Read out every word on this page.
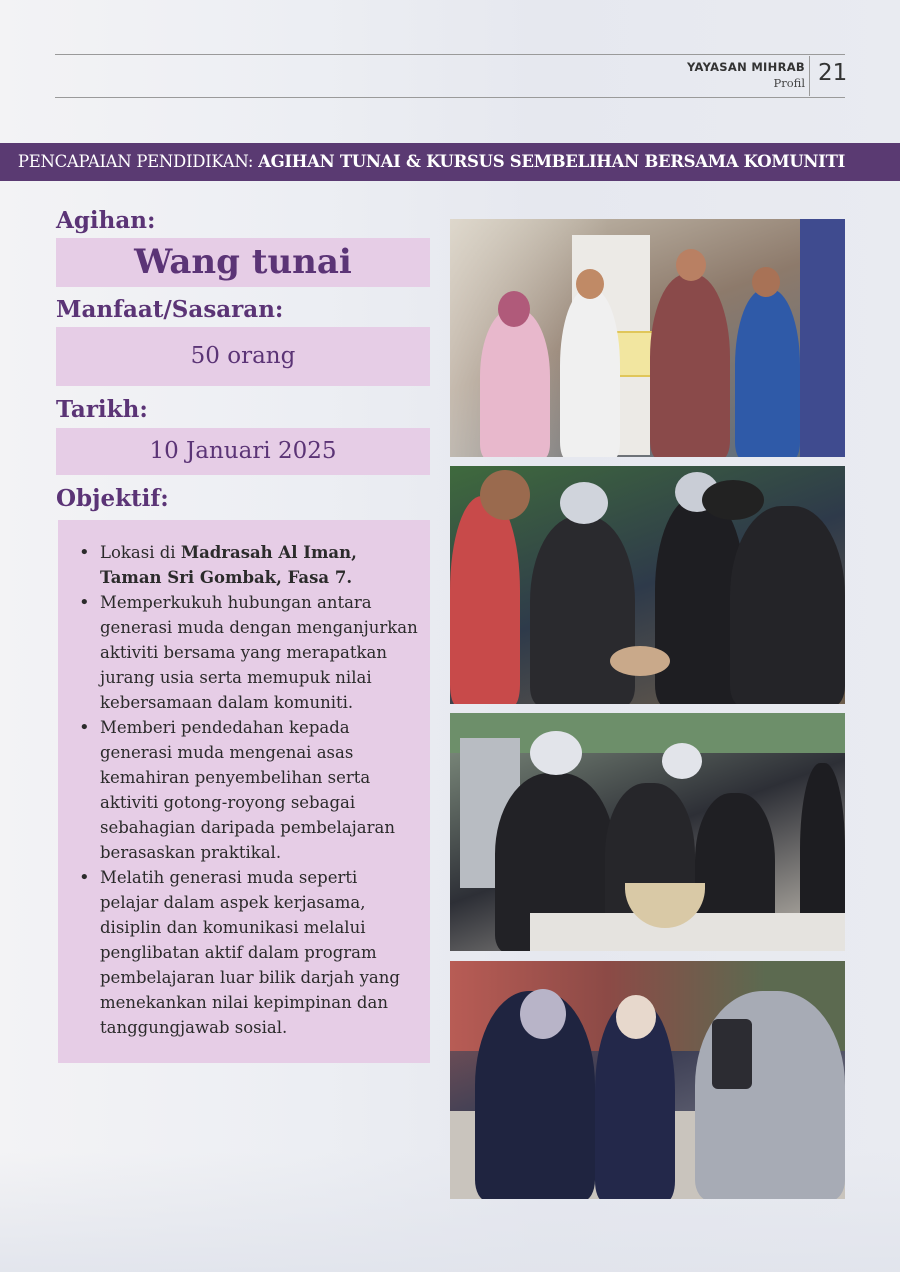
YAYASAN MIHRAB
Profil 21
PENCAPAIAN PENDIDIKAN: AGIHAN TUNAI & KURSUS SEMBELIHAN BERSAMA KOMUNITI
Agihan:
Wang tunai
Manfaat/Sasaran:
50 orang
Tarikh:
10 Januari 2025
Objektif:
• Lokasi di Madrasah Al Iman, Taman Sri Gombak, Fasa 7.
• Memperkukuh hubungan antara generasi muda dengan menganjurkan aktiviti bersama yang merapatkan jurang usia serta memupuk nilai kebersamaan dalam komuniti.
• Memberi pendedahan kepada generasi muda mengenai asas kemahiran penyembelihan serta aktiviti gotong-royong sebagai sebahagian daripada pembelajaran berasaskan praktikal.
• Melatih generasi muda seperti pelajar dalam aspek kerjasama, disiplin dan komunikasi melalui penglibatan aktif dalam program pembelajaran luar bilik darjah yang menekankan nilai kepimpinan dan tanggungjawab sosial.
